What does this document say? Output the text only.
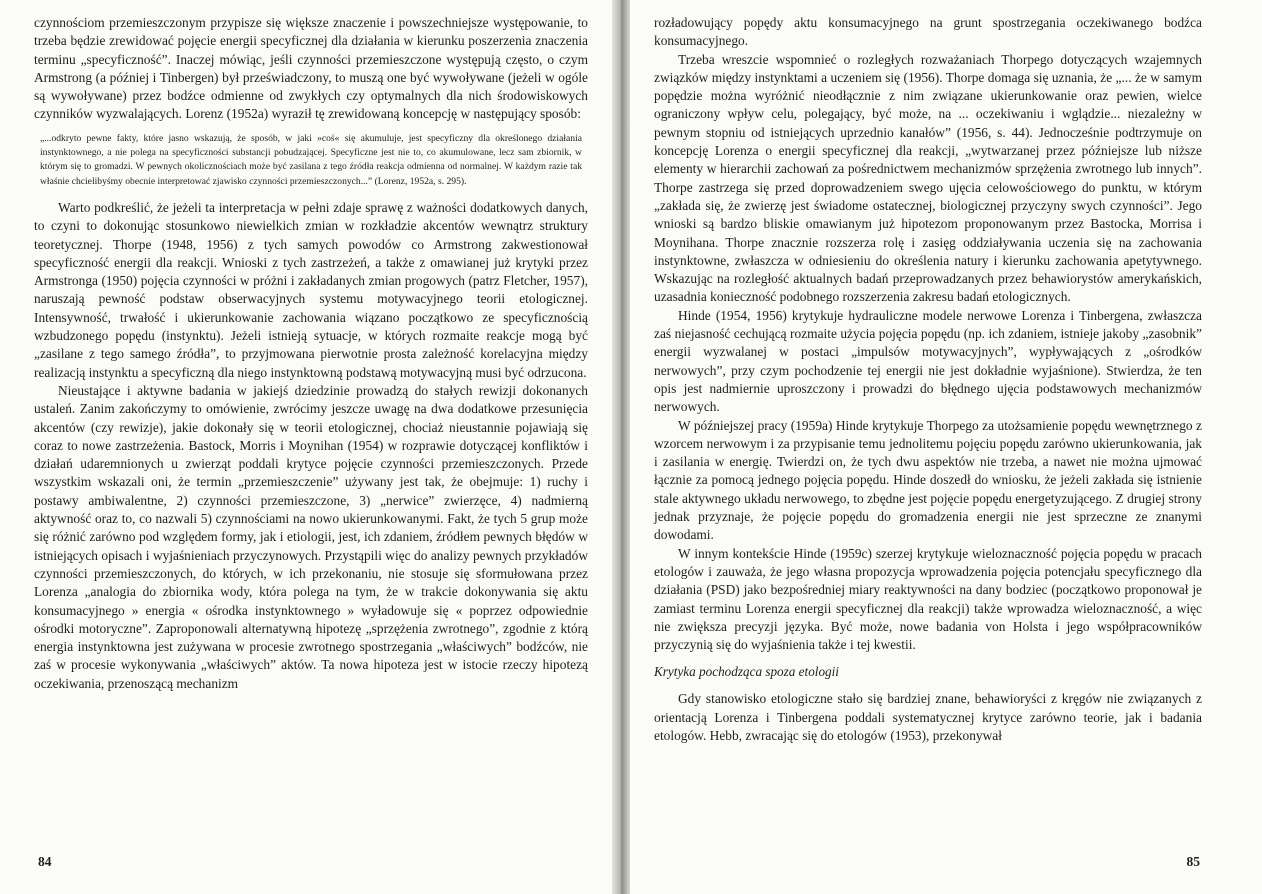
czynnościom przemieszczonym przypisze się większe znaczenie i powszechniejsze występowanie, to trzeba będzie zrewidować pojęcie energii specyficznej dla działania w kierunku poszerzenia znaczenia terminu „specyficzność”. Inaczej mówiąc, jeśli czynności przemieszczone występują często, o czym Armstrong (a później i Tinbergen) był przeświadczony, to muszą one być wywoływane (jeżeli w ogóle są wywoływane) przez bodźce odmienne od zwykłych czy optymalnych dla nich środowiskowych czynników wyzwalających. Lorenz (1952a) wyraził tę zrewidowaną koncepcję w następujący sposób:

„...odkryto pewne fakty, które jasno wskazują, że sposób, w jaki »coś« się akumuluje, jest specyficzny dla określonego działania instynktownego, a nie polega na specyficzności substancji pobudzającej. Specyficzne jest nie to, co akumulowane, lecz sam zbiornik, w którym się to gromadzi. W pewnych okolicznościach może być zasilana z tego źródła reakcja odmienna od normalnej. W każdym razie tak właśnie chcielibyśmy obecnie interpretować zjawisko czynności przemieszczonych...” (Lorenz, 1952a, s. 295).

Warto podkreślić, że jeżeli ta interpretacja w pełni zdaje sprawę z ważności dodatkowych danych, to czyni to dokonując stosunkowo niewielkich zmian w rozkładzie akcentów wewnątrz struktury teoretycznej. Thorpe (1948, 1956) z tych samych powodów co Armstrong zakwestionował specyficzność energii dla reakcji. Wnioski z tych zastrzeżeń, a także z omawianej już krytyki przez Armstronga (1950) pojęcia czynności w próżni i zakładanych zmian progowych (patrz Fletcher, 1957), naruszają pewność podstaw obserwacyjnych systemu motywacyjnego teorii etologicznej. Intensywność, trwałość i ukierunkowanie zachowania wiązano początkowo ze specyficznością wzbudzonego popędu (instynktu). Jeżeli istnieją sytuacje, w których rozmaite reakcje mogą być „zasilane z tego samego źródła”, to przyjmowana pierwotnie prosta zależność korelacyjna między realizacją instynktu a specyficzną dla niego instynktowną podstawą motywacyjną musi być odrzucona.

Nieustające i aktywne badania w jakiejś dziedzinie prowadzą do stałych rewizji dokonanych ustaleń. Zanim zakończymy to omówienie, zwrócimy jeszcze uwagę na dwa dodatkowe przesunięcia akcentów (czy rewizje), jakie dokonały się w teorii etologicznej, chociaż nieustannie pojawiają się coraz to nowe zastrzeżenia. Bastock, Morris i Moynihan (1954) w rozprawie dotyczącej konfliktów i działań udaremnionych u zwierząt poddali krytyce pojęcie czynności przemieszczonych. Przede wszystkim wskazali oni, że termin „przemieszczenie” używany jest tak, że obejmuje: 1) ruchy i postawy ambiwalentne, 2) czynności przemieszczone, 3) „nerwice” zwierzęce, 4) nadmierną aktywność oraz to, co nazwali 5) czynnościami na nowo ukierunkowanymi. Fakt, że tych 5 grup może się różnić zarówno pod względem formy, jak i etiologii, jest, ich zdaniem, źródłem pewnych błędów w istniejących opisach i wyjaśnieniach przyczynowych. Przystąpili więc do analizy pewnych przykładów czynności przemieszczonych, do których, w ich przekonaniu, nie stosuje się sformułowana przez Lorenza „analogia do zbiornika wody, która polega na tym, że w trakcie dokonywania się aktu konsumacyjnego » energia « ośrodka instynktownego » wyładowuje się « poprzez odpowiednie ośrodki motoryczne”. Zaproponowali alternatywną hipotezę „sprzężenia zwrotnego”, zgodnie z którą energia instynktowna jest zużywana w procesie zwrotnego spostrzegania „właściwych” bodźców, nie zaś w procesie wykonywania „właściwych” aktów. Ta nowa hipoteza jest w istocie rzeczy hipotezą oczekiwania, przenoszącą mechanizm

84

rozładowujący popędy aktu konsumacyjnego na grunt spostrzegania oczekiwanego bodźca konsumacyjnego.

Trzeba wreszcie wspomnieć o rozległych rozważaniach Thorpego dotyczących wzajemnych związków między instynktami a uczeniem się (1956). Thorpe domaga się uznania, że „... że w samym popędzie można wyróżnić nieodłącznie z nim związane ukierunkowanie oraz pewien, wielce ograniczony wpływ celu, polegający, być może, na ... oczekiwaniu i wglądzie... niezależny w pewnym stopniu od istniejących uprzednio kanałów” (1956, s. 44). Jednocześnie podtrzymuje on koncepcję Lorenza o energii specyficznej dla reakcji, „wytwarzanej przez późniejsze lub niższe elementy w hierarchii zachowań za pośrednictwem mechanizmów sprzężenia zwrotnego lub innych”. Thorpe zastrzega się przed doprowadzeniem swego ujęcia celowościowego do punktu, w którym „zakłada się, że zwierzę jest świadome ostatecznej, biologicznej przyczyny swych czynności”. Jego wnioski są bardzo bliskie omawianym już hipotezom proponowanym przez Bastocka, Morrisa i Moynihana. Thorpe znacznie rozszerza rolę i zasięg oddziaływania uczenia się na zachowania instynktowne, zwłaszcza w odniesieniu do określenia natury i kierunku zachowania apetytywnego. Wskazując na rozległość aktualnych badań przeprowadzanych przez behawiorystów amerykańskich, uzasadnia konieczność podobnego rozszerzenia zakresu badań etologicznych.

Hinde (1954, 1956) krytykuje hydrauliczne modele nerwowe Lorenza i Tinbergena, zwłaszcza zaś niejasność cechującą rozmaite użycia pojęcia popędu (np. ich zdaniem, istnieje jakoby „zasobnik” energii wyzwalanej w postaci „impulsów motywacyjnych”, wypływających z „ośrodków nerwowych”, przy czym pochodzenie tej energii nie jest dokładnie wyjaśnione). Stwierdza, że ten opis jest nadmiernie uproszczony i prowadzi do błędnego ujęcia podstawowych mechanizmów nerwowych.

W późniejszej pracy (1959a) Hinde krytykuje Thorpego za utożsamienie popędu wewnętrznego z wzorcem nerwowym i za przypisanie temu jednolitemu pojęciu popędu zarówno ukierunkowania, jak i zasilania w energię. Twierdzi on, że tych dwu aspektów nie trzeba, a nawet nie można ujmować łącznie za pomocą jednego pojęcia popędu. Hinde doszedł do wniosku, że jeżeli zakłada się istnienie stale aktywnego układu nerwowego, to zbędne jest pojęcie popędu energetyzującego. Z drugiej strony jednak przyznaje, że pojęcie popędu do gromadzenia energii nie jest sprzeczne ze znanymi dowodami.

W innym kontekście Hinde (1959c) szerzej krytykuje wieloznaczność pojęcia popędu w pracach etologów i zauważa, że jego własna propozycja wprowadzenia pojęcia potencjału specyficznego dla działania (PSD) jako bezpośredniej miary reaktywności na dany bodziec (początkowo proponował je zamiast terminu Lorenza energii specyficznej dla reakcji) także wprowadza wieloznaczność, a więc nie zwiększa precyzji języka. Być może, nowe badania von Holsta i jego współpracowników przyczynią się do wyjaśnienia także i tej kwestii.

Krytyka pochodząca spoza etologii

Gdy stanowisko etologiczne stało się bardziej znane, behawioryści z kręgów nie związanych z orientacją Lorenza i Tinbergena poddali systematycznej krytyce zarówno teorie, jak i badania etologów. Hebb, zwracając się do etologów (1953), przekonywał

85
